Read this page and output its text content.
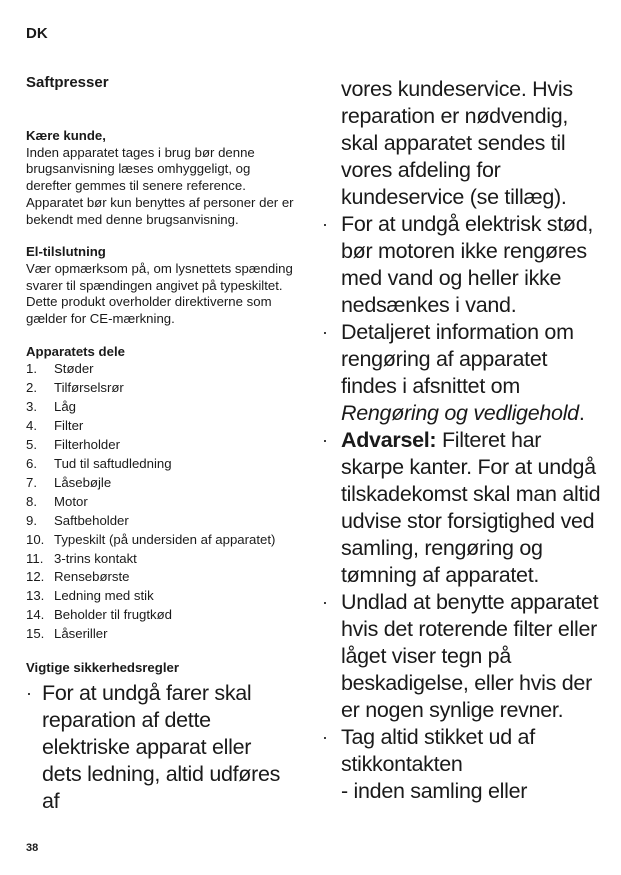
DK
Saftpresser

Kære kunde,

Inden apparatet tages i brug bør denne brugsanvisning læses omhyggeligt, og derefter gemmes til senere reference. Apparatet bør kun benyttes af personer der er bekendt med denne brugsanvisning.

El-tilslutning

Vær opmærksom på, om lysnettets spænding svarer til spændingen angivet på typeskiltet. Dette produkt overholder direktiverne som gælder for CE-mærkning.

Apparatets dele

1. Støder
2. Tilførselsrør
3. Låg
4. Filter
5. Filterholder
6. Tud til saftudledning
7. Låsebøjle
8. Motor
9. Saftbeholder
10. Typeskilt (på undersiden af apparatet)
11. 3-trins kontakt
12. Rensebørste
13. Ledning med stik
14. Beholder til frugtkød
15. Låseriller

Vigtige sikkerhedsregler

· For at undgå farer skal reparation af dette elektriske apparat eller dets ledning, altid udføres af
vores kundeservice. Hvis reparation er nødvendig, skal apparatet sendes til vores afdeling for kundeservice (se tillæg).
· For at undgå elektrisk stød, bør motoren ikke rengøres med vand og heller ikke nedsænkes i vand.
· Detaljeret information om rengøring af apparatet findes i afsnittet om Rengøring og vedligehold.
· Advarsel: Filteret har skarpe kanter. For at undgå tilskadekomst skal man altid udvise stor forsigtighed ved samling, rengøring og tømning af apparatet.
· Undlad at benytte apparatet hvis det roterende filter eller låget viser tegn på beskadigelse, eller hvis der er nogen synlige revner.
· Tag altid stikket ud af stikkontakten
- inden samling eller
38
